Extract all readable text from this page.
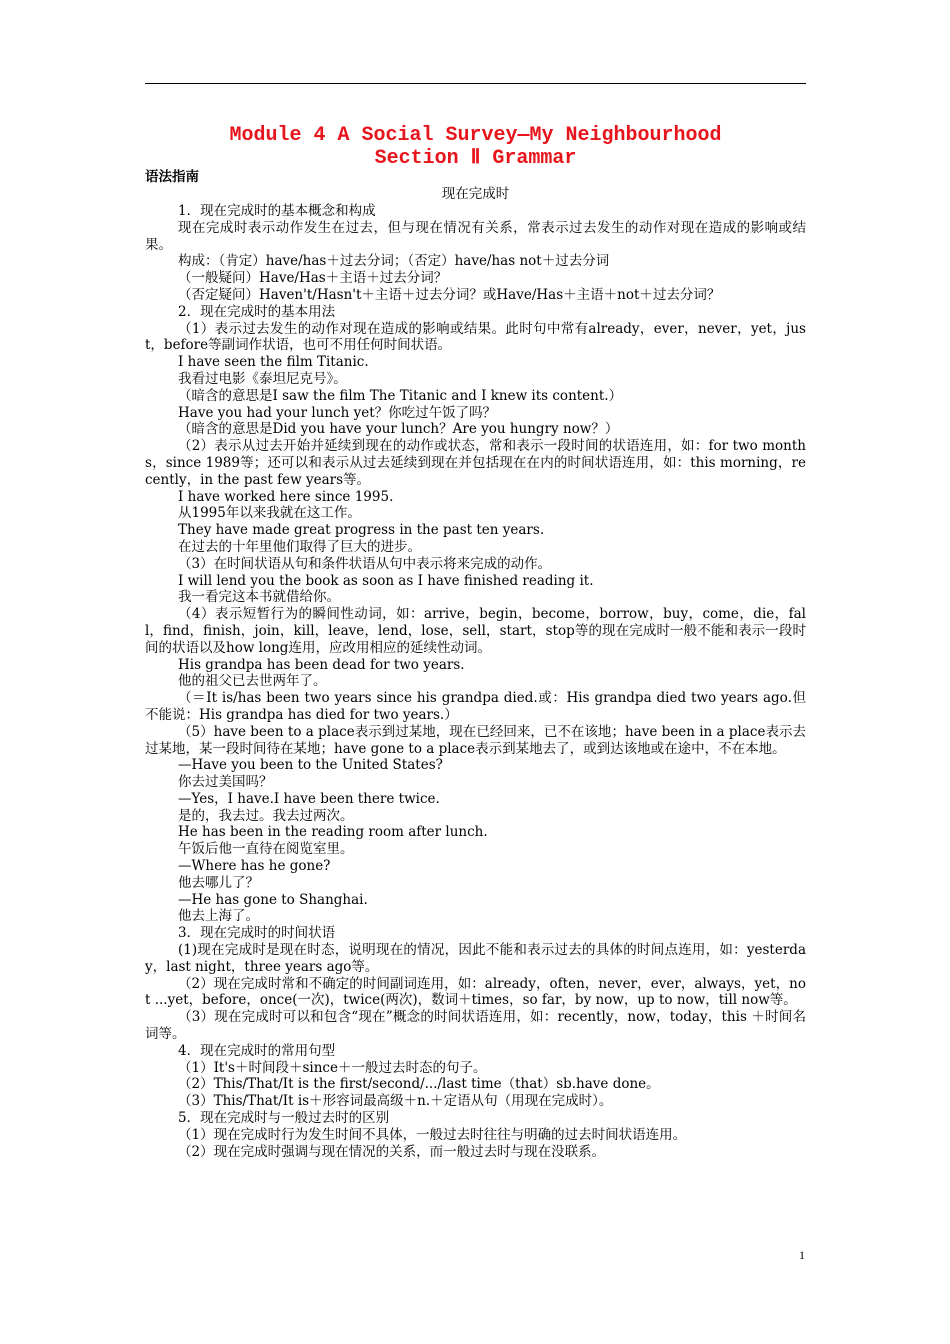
Module 4 A Social Survey—My Neighbourhood
Section Ⅱ Grammar
语法指南
现在完成时

1．现在完成时的基本概念和构成

现在完成时表示动作发生在过去，但与现在情况有关系，常表示过去发生的动作对现在造成的影响或结果。

构成：（肯定）have/has＋过去分词；（否定）have/has not＋过去分词

（一般疑问）Have/Has＋主语＋过去分词？

（否定疑问）Haven't/Hasn't＋主语＋过去分词？或Have/Has＋主语＋not＋过去分词？

2．现在完成时的基本用法

（1）表示过去发生的动作对现在造成的影响或结果。此时句中常有already，ever，never，yet，just，before等副词作状语，也可不用任何时间状语。

I have seen the film Titanic.

我看过电影《泰坦尼克号》。

（暗含的意思是I saw the film The Titanic and I knew its content.）

Have you had your lunch yet？你吃过午饭了吗？

（暗含的意思是Did you have your lunch？Are you hungry now？）

（2）表示从过去开始并延续到现在的动作或状态，常和表示一段时间的状语连用，如：for two months，since 1989等；还可以和表示从过去延续到现在并包括现在在内的时间状语连用，如：this morning，recently，in the past few years等。

I have worked here since 1995.

从1995年以来我就在这工作。

They have made great progress in the past ten years.

在过去的十年里他们取得了巨大的进步。

（3）在时间状语从句和条件状语从句中表示将来完成的动作。

I will lend you the book as soon as I have finished reading it.

我一看完这本书就借给你。

（4）表示短暂行为的瞬间性动词，如：arrive，begin，become，borrow，buy，come，die，fall，find，finish，join，kill，leave，lend，lose，sell，start，stop等的现在完成时一般不能和表示一段时间的状语以及how long连用，应改用相应的延续性动词。

His grandpa has been dead for two years.

他的祖父已去世两年了。

（＝It is/has been two years since his grandpa died.或：His grandpa died two years ago.但不能说：His grandpa has died for two years.）

（5）have been to a place表示到过某地，现在已经回来，已不在该地；have been in a place表示去过某地，某一段时间待在某地；have gone to a place表示到某地去了，或到达该地或在途中，不在本地。

—Have you been to the United States?

你去过美国吗？

—Yes，I have.I have been there twice.

是的，我去过。我去过两次。

He has been in the reading room after lunch.

午饭后他一直待在阅览室里。

—Where has he gone?

他去哪儿了？

—He has gone to Shanghai.

他去上海了。

3．现在完成时的时间状语

(1)现在完成时是现在时态，说明现在的情况，因此不能和表示过去的具体的时间点连用，如：yesterday，last night，three years ago等。

（2）现在完成时常和不确定的时间副词连用，如：already，often，never，ever，always，yet，not ...yet，before，once(一次)，twice(两次)，数词＋times，so far，by now，up to now，till now等。

（3）现在完成时可以和包含“现在”概念的时间状语连用，如：recently，now，today，this ＋时间名词等。

4．现在完成时的常用句型

（1）It's＋时间段＋since＋一般过去时态的句子。

（2）This/That/It is the first/second/.../last time（that）sb.have done。

（3）This/That/It is＋形容词最高级＋n.＋定语从句（用现在完成时）。

5．现在完成时与一般过去时的区别

（1）现在完成时行为发生时间不具体，一般过去时往往与明确的过去时间状语连用。

（2）现在完成时强调与现在情况的关系，而一般过去时与现在没联系。

1
